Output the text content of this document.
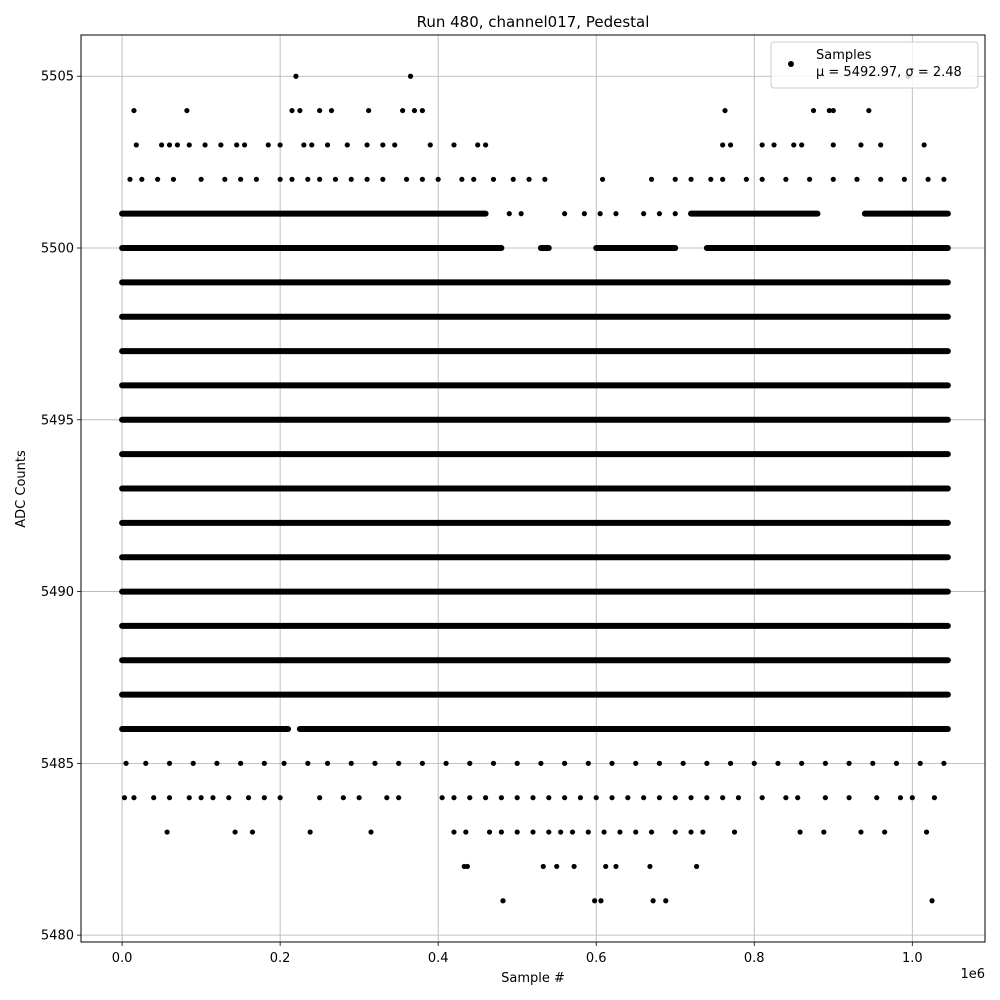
0.0	0.2	0.4	0.6	0.8	1.0
5480
5485
5490
5495
5500
5505
Run 480, channel017, Pedestal
Sample #
ADC Counts
1e6
Samples
μ = 5492.97, σ = 2.48
